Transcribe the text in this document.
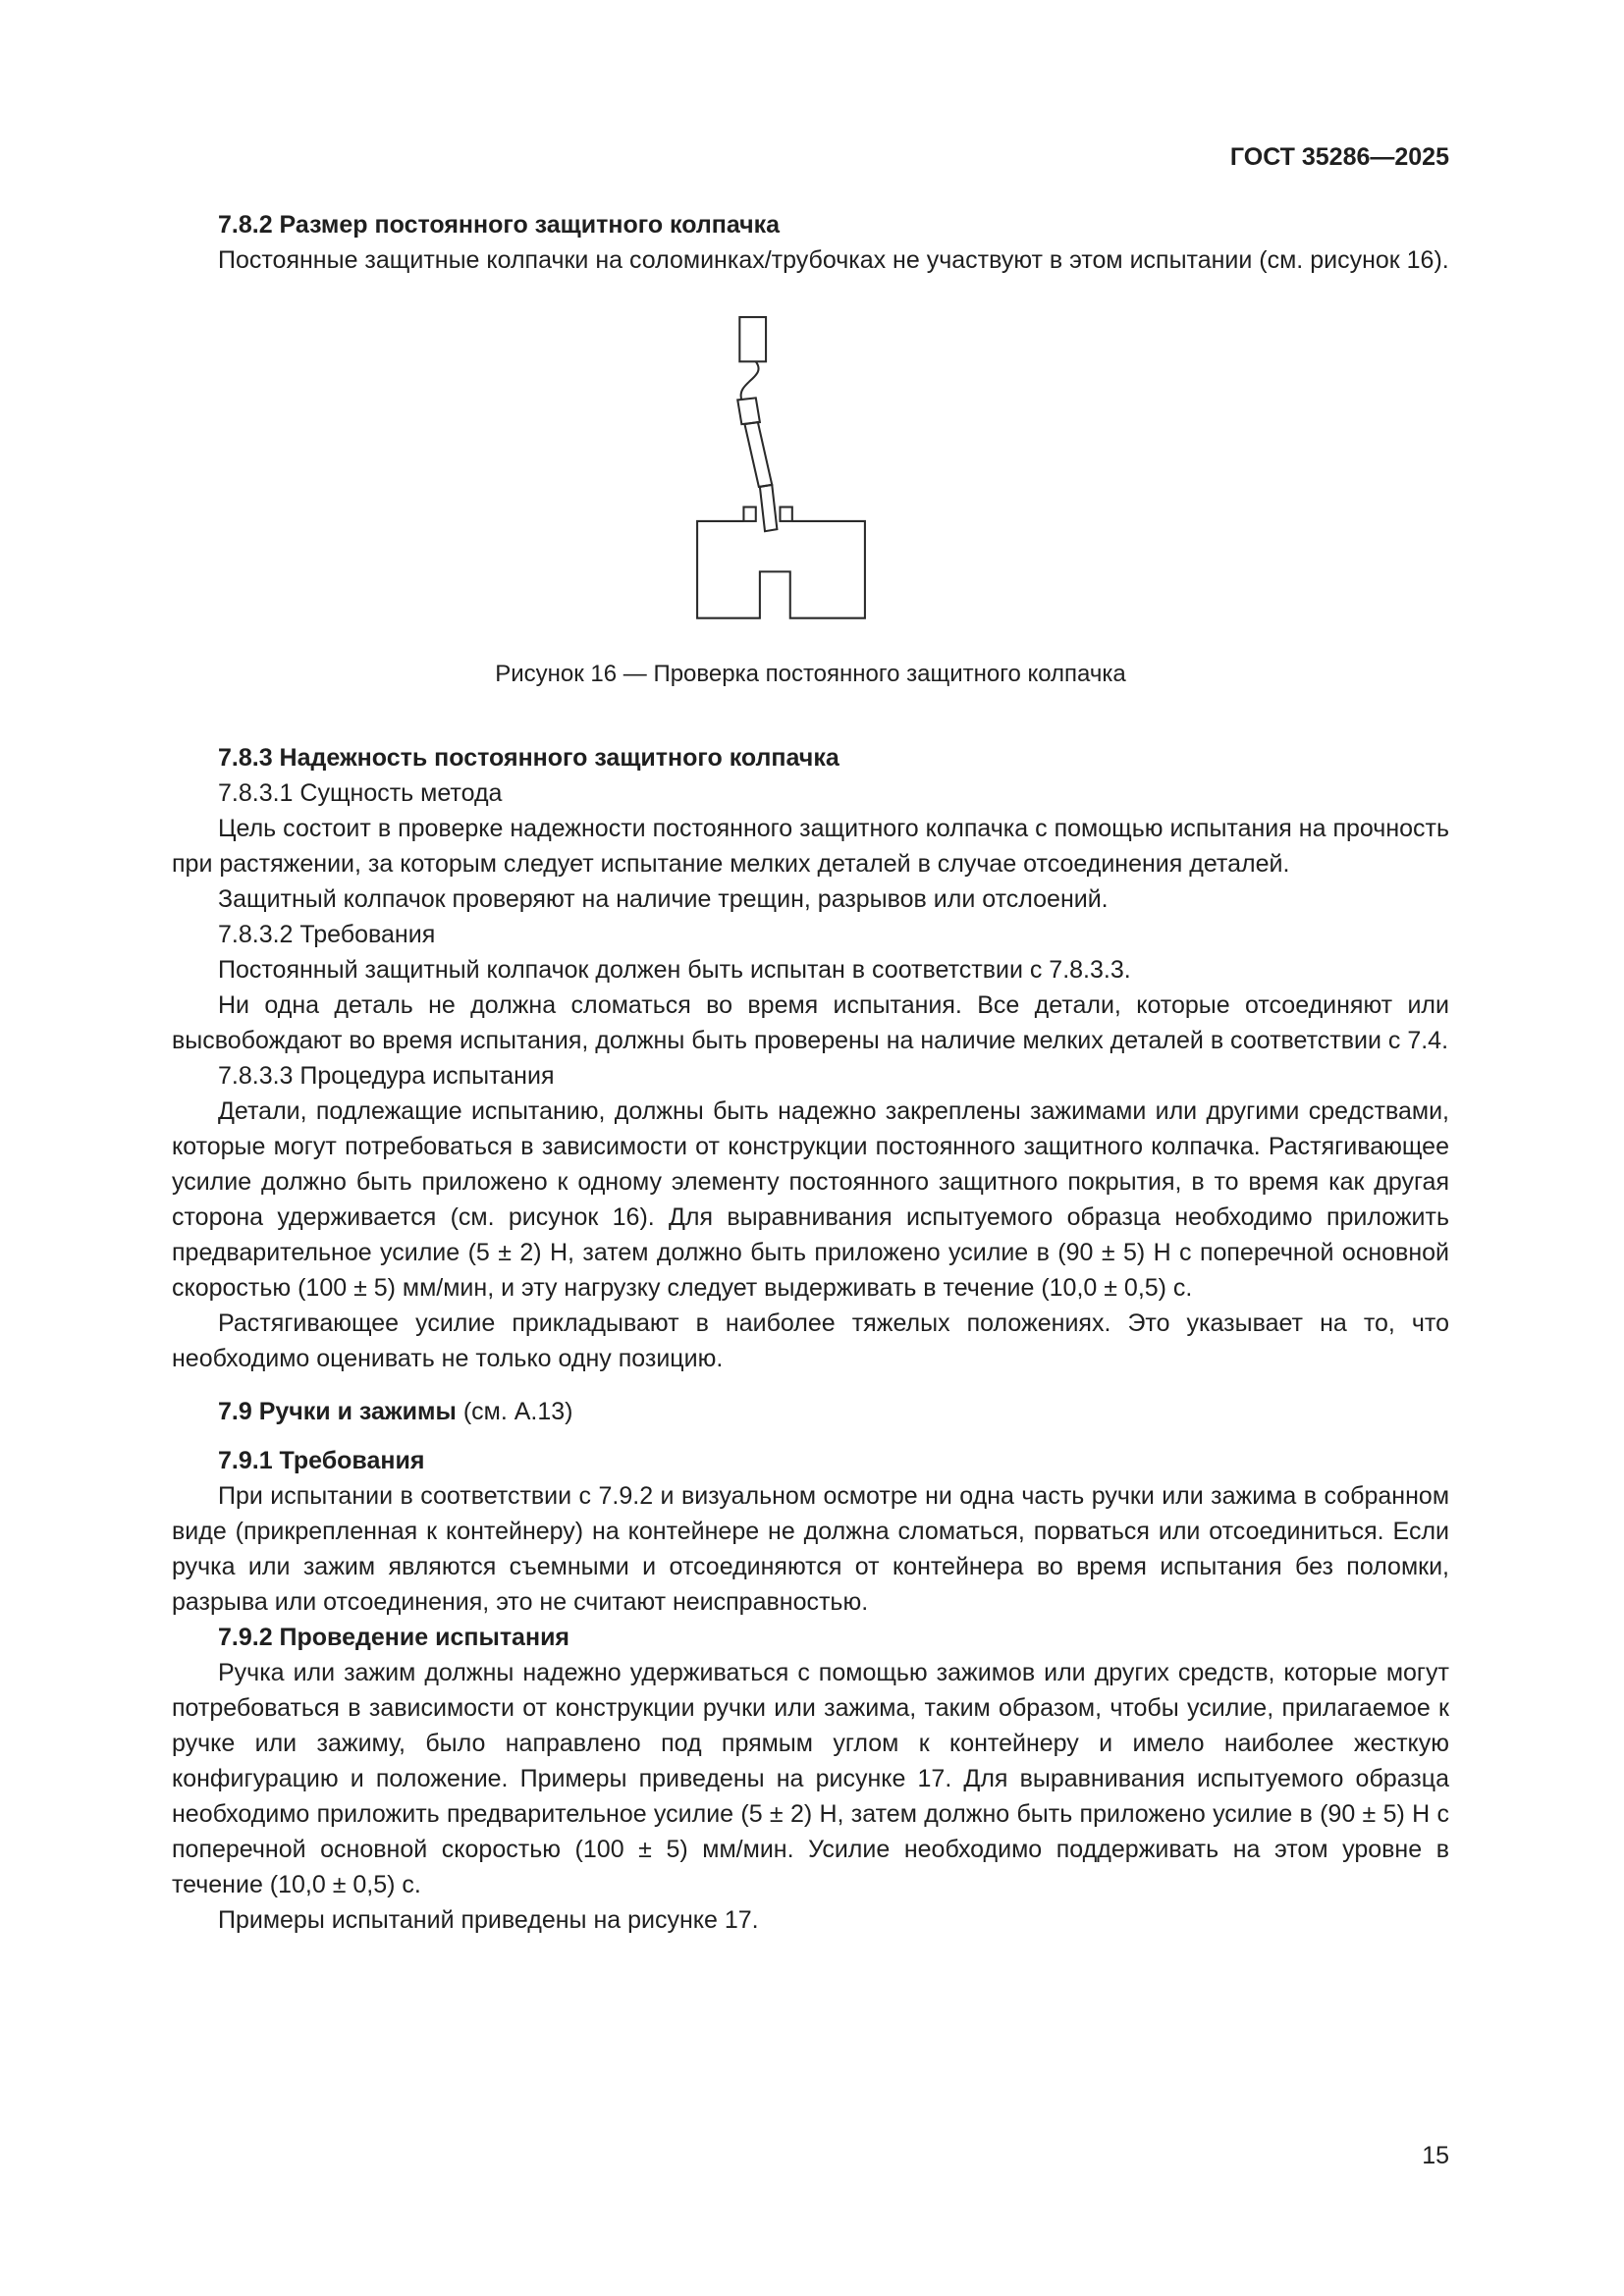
ГОСТ 35286—2025
7.8.2 Размер постоянного защитного колпачка

Постоянные защитные колпачки на соломинках/трубочках не участвуют в этом испытании (см. рисунок 16).

Рисунок 16 — Проверка постоянного защитного колпачка
7.8.3 Надежность постоянного защитного колпачка

7.8.3.1 Сущность метода

Цель состоит в проверке надежности постоянного защитного колпачка с помощью испытания на прочность при растяжении, за которым следует испытание мелких деталей в случае отсоединения деталей.

Защитный колпачок проверяют на наличие трещин, разрывов или отслоений.

7.8.3.2 Требования

Постоянный защитный колпачок должен быть испытан в соответствии с 7.8.3.3.

Ни одна деталь не должна сломаться во время испытания. Все детали, которые отсоединяют или высвобождают во время испытания, должны быть проверены на наличие мелких деталей в соответствии с 7.4.

7.8.3.3 Процедура испытания

Детали, подлежащие испытанию, должны быть надежно закреплены зажимами или другими средствами, которые могут потребоваться в зависимости от конструкции постоянного защитного колпачка. Растягивающее усилие должно быть приложено к одному элементу постоянного защитного покрытия, в то время как другая сторона удерживается (см. рисунок 16). Для выравнивания испытуемого образца необходимо приложить предварительное усилие (5 ± 2) Н, затем должно быть приложено усилие в (90 ± 5) Н с поперечной основной скоростью (100 ± 5) мм/мин, и эту нагрузку следует выдерживать в течение (10,0 ± 0,5) с.

Растягивающее усилие прикладывают в наиболее тяжелых положениях. Это указывает на то, что необходимо оценивать не только одну позицию.

7.9 Ручки и зажимы (см. А.13)
7.9.1 Требования

При испытании в соответствии с 7.9.2 и визуальном осмотре ни одна часть ручки или зажима в собранном виде (прикрепленная к контейнеру) на контейнере не должна сломаться, порваться или отсоединиться. Если ручка или зажим являются съемными и отсоединяются от контейнера во время испытания без поломки, разрыва или отсоединения, это не считают неисправностью.

7.9.2 Проведение испытания

Ручка или зажим должны надежно удерживаться с помощью зажимов или других средств, которые могут потребоваться в зависимости от конструкции ручки или зажима, таким образом, чтобы усилие, прилагаемое к ручке или зажиму, было направлено под прямым углом к контейнеру и имело наиболее жесткую конфигурацию и положение. Примеры приведены на рисунке 17. Для выравнивания испытуемого образца необходимо приложить предварительное усилие (5 ± 2) Н, затем должно быть приложено усилие в (90 ± 5) Н с поперечной основной скоростью (100 ± 5) мм/мин. Усилие необходимо поддерживать на этом уровне в течение (10,0 ± 0,5) с.

Примеры испытаний приведены на рисунке 17.

15
